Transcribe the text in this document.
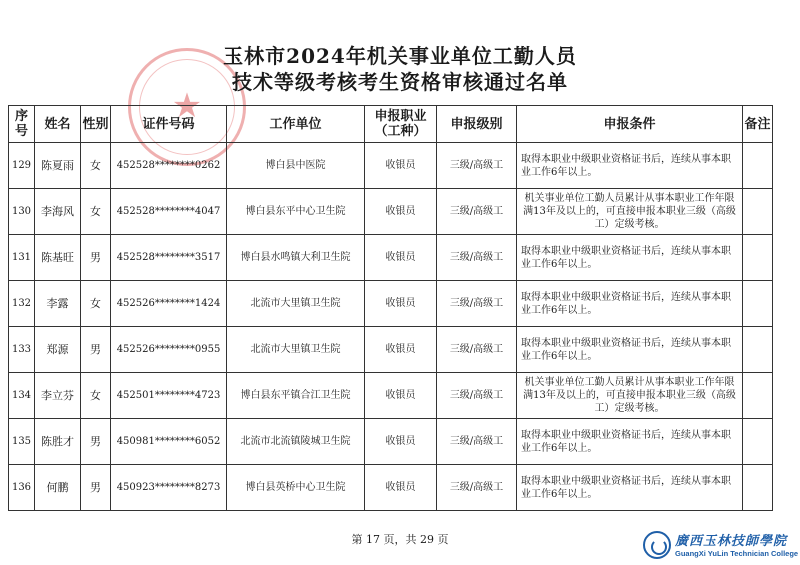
★
玉林市2024年机关事业单位工勤人员
技术等级考核考生资格审核通过名单
序号	姓名	性别	证件号码	工作单位	申报职业（工种）	申报级别	申报条件	备注
129	陈夏雨	女	452528********0262	博白县中医院	收银员	三级/高级工	取得本职业中级职业资格证书后，连续从事本职业工作6年以上。	
130	李海风	女	452528********4047	博白县东平中心卫生院	收银员	三级/高级工	机关事业单位工勤人员累计从事本职业工作年限满13年及以上的，可直接申报本职业三级（高级工）定级考核。	
131	陈基旺	男	452528********3517	博白县水鸣镇大利卫生院	收银员	三级/高级工	取得本职业中级职业资格证书后，连续从事本职业工作6年以上。	
132	李露	女	452526********1424	北流市大里镇卫生院	收银员	三级/高级工	取得本职业中级职业资格证书后，连续从事本职业工作6年以上。	
133	郑源	男	452526********0955	北流市大里镇卫生院	收银员	三级/高级工	取得本职业中级职业资格证书后，连续从事本职业工作6年以上。	
134	李立芬	女	452501********4723	博白县东平镇合江卫生院	收银员	三级/高级工	机关事业单位工勤人员累计从事本职业工作年限满13年及以上的，可直接申报本职业三级（高级工）定级考核。	
135	陈胜才	男	450981********6052	北流市北流镇陵城卫生院	收银员	三级/高级工	取得本职业中级职业资格证书后，连续从事本职业工作6年以上。	
136	何鹏	男	450923********8273	博白县英桥中心卫生院	收银员	三级/高级工	取得本职业中级职业资格证书后，连续从事本职业工作6年以上。	
第 17 页，共 29 页	廣西玉林技師學院
GuangXi YuLin Technician College
